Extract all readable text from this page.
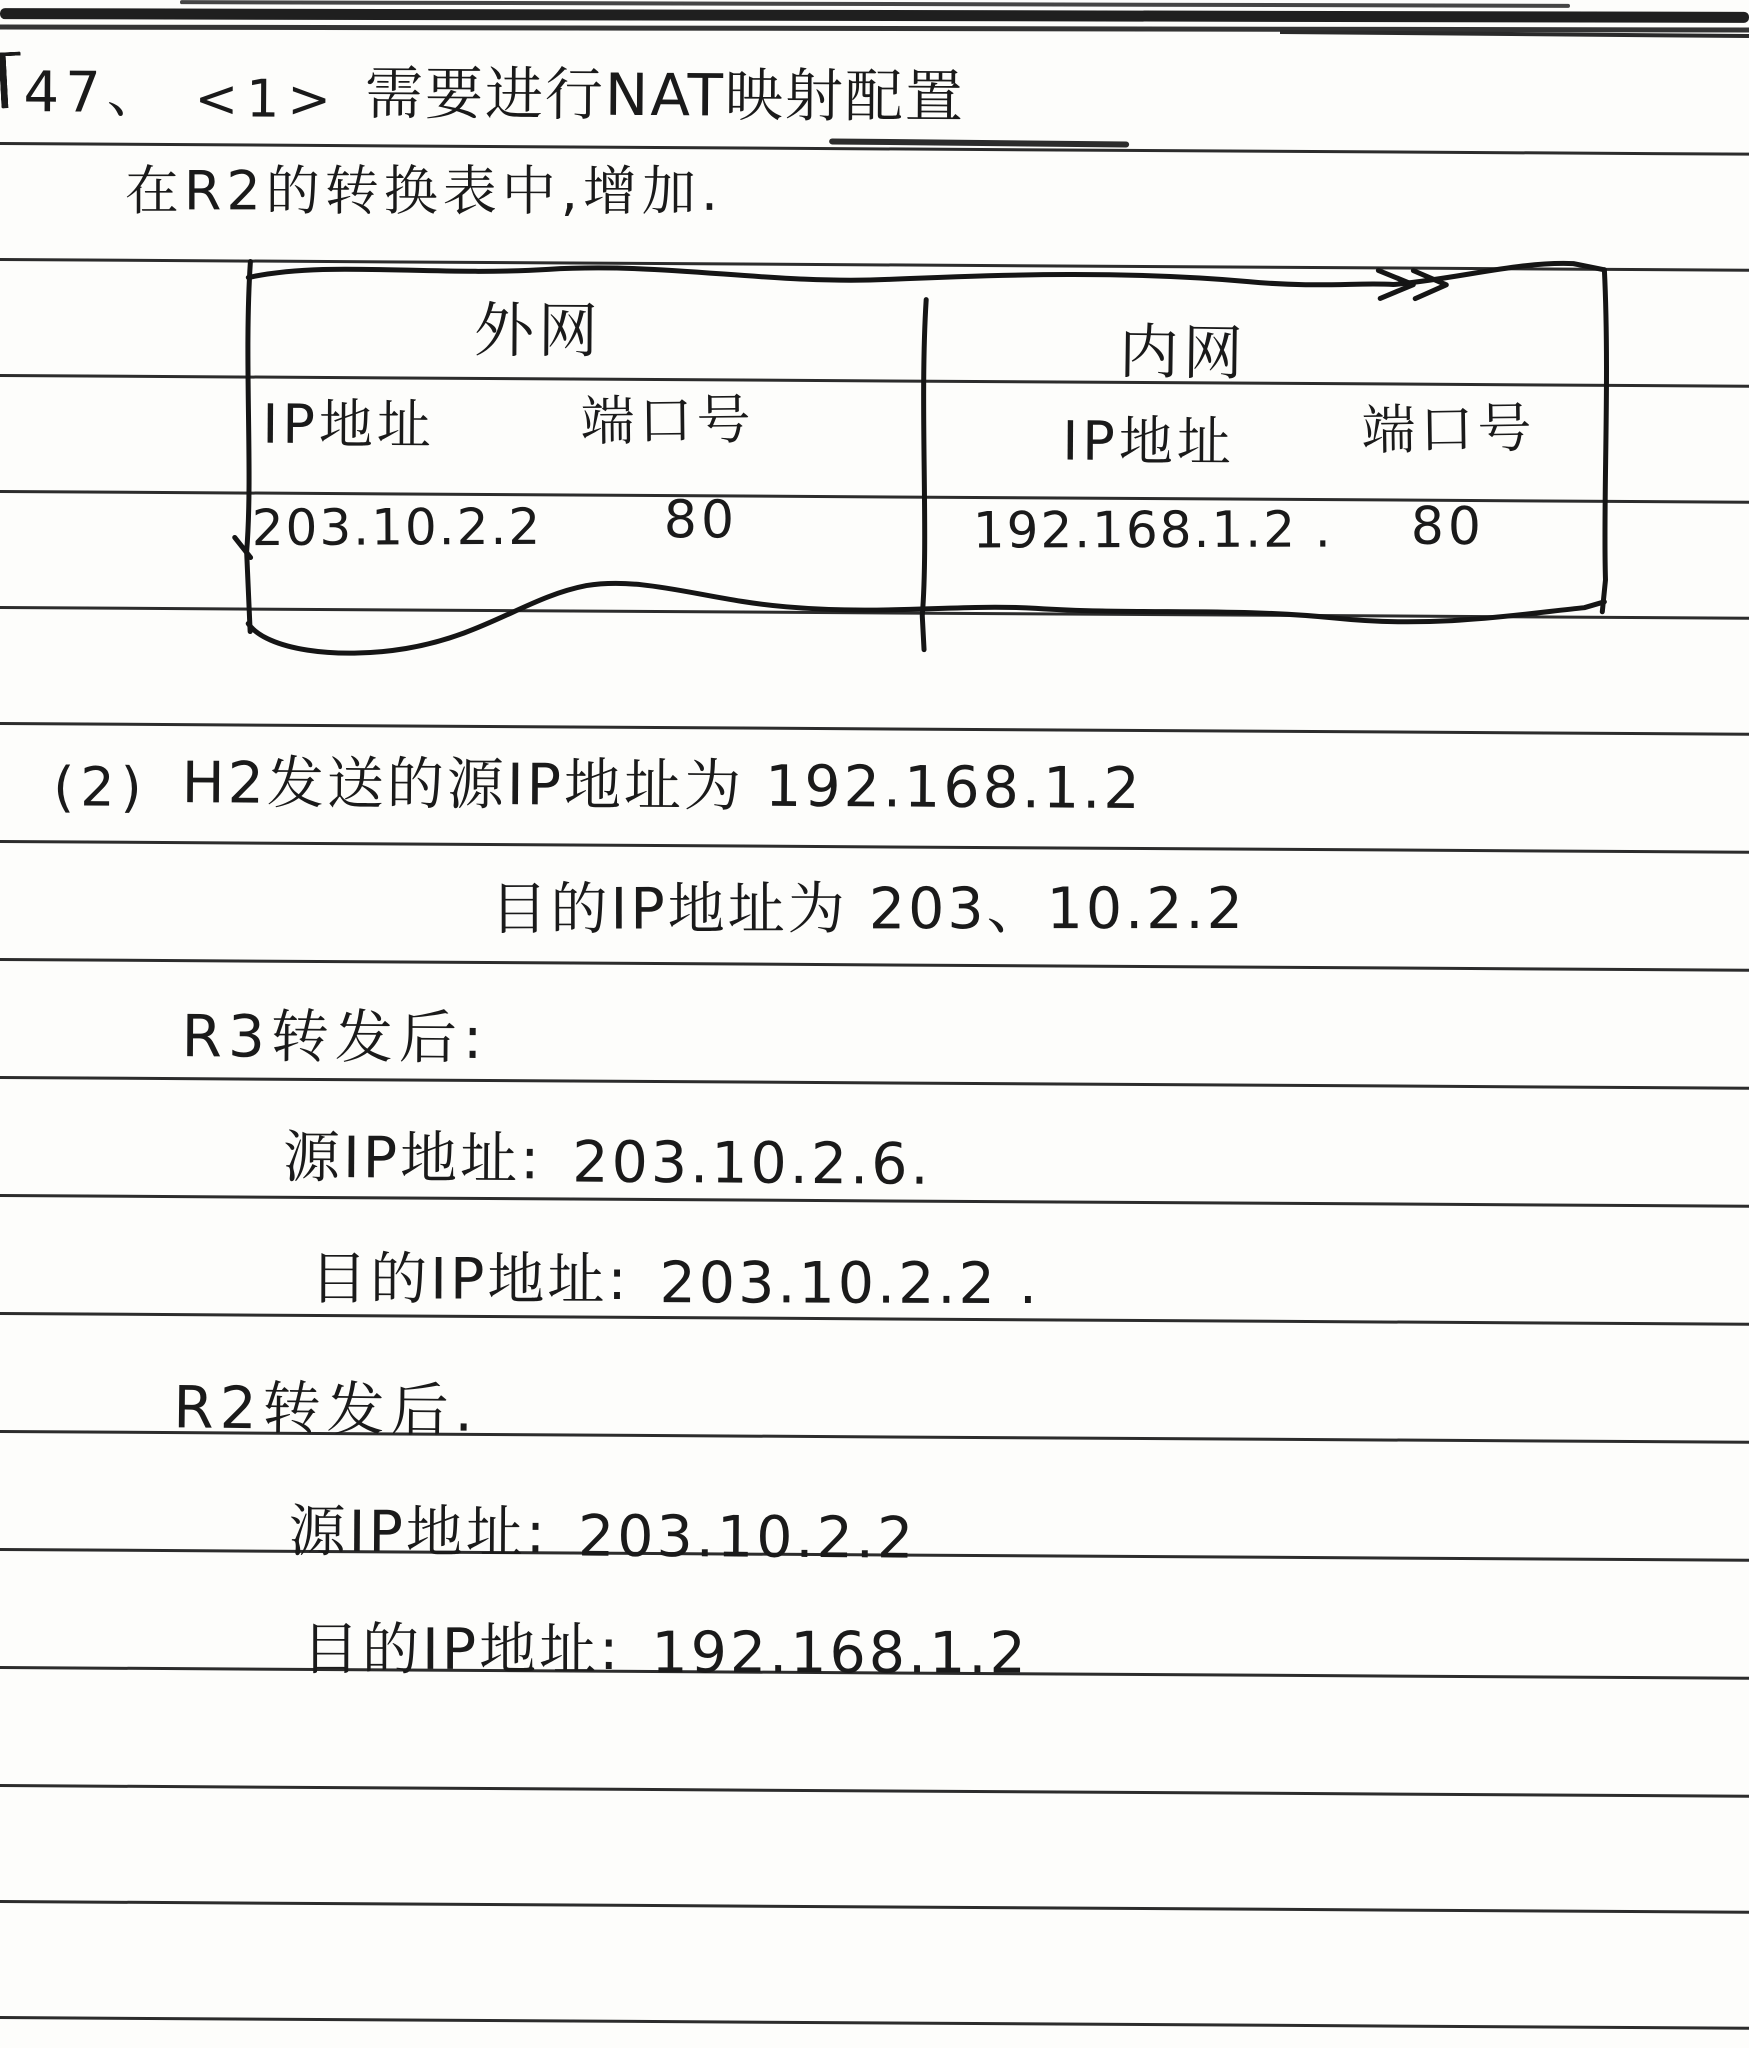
47、 <1> 需要进行NAT映射配置
在R2的转换表中,增加.
外网	内网
IP地址	端口号	IP地址 端口号
203.10.2.2 80	192.168.1.2 . 80
(2) H2发送的源IP地址为 192.168.1.2
目的IP地址为 203、10.2.2
R3转发后:
源IP地址: 203.10.2.6.
目的IP地址: 203.10.2.2 .
R2转发后.
源IP地址: 203.10.2.2
目的IP地址: 192.168.1.2
